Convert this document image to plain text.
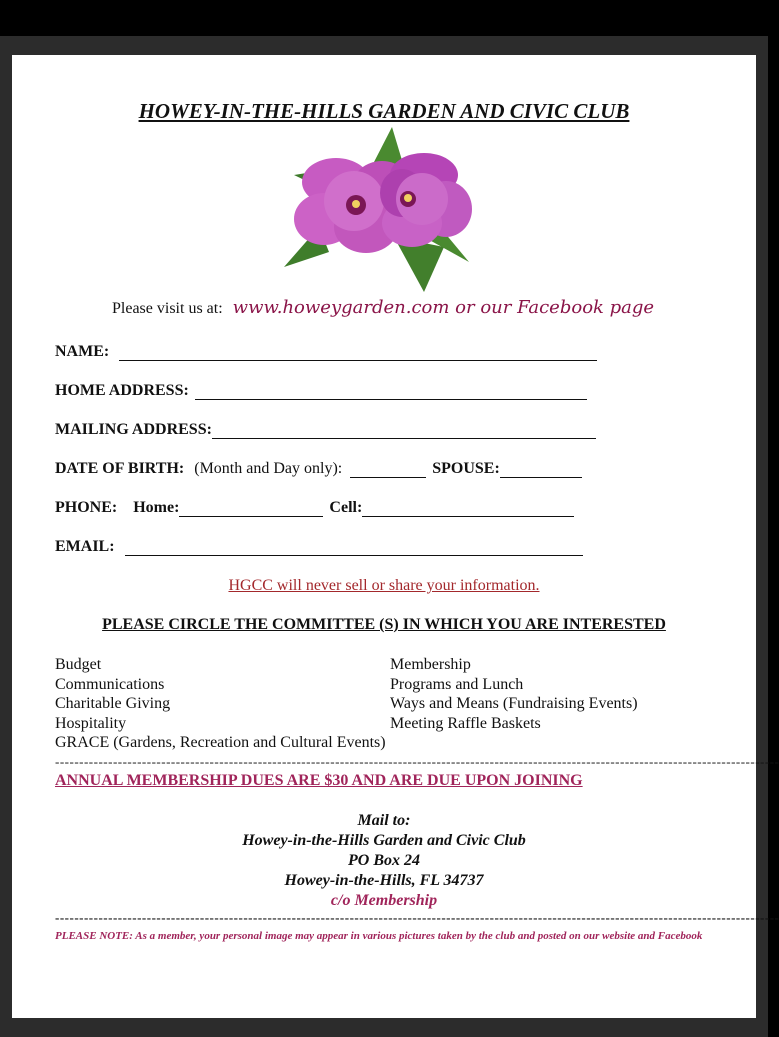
HOWEY-IN-THE-HILLS GARDEN AND CIVIC CLUB
Please visit us at: www.howeygarden.com or our Facebook page
NAME:
HOME ADDRESS:
MAILING ADDRESS:
DATE OF BIRTH: (Month and Day only):	SPOUSE:
PHONE: Home:	Cell:
EMAIL:
HGCC will never sell or share your information.
PLEASE CIRCLE THE COMMITTEE (S) IN WHICH YOU ARE INTERESTED
Budget
Communications
Charitable Giving
Hospitality
GRACE (Gardens, Recreation and Cultural Events)
Membership
Programs and Lunch
Ways and Means (Fundraising Events)
Meeting Raffle Baskets
------------------------------------------------------------------------------------------------------------------------------------------------------
ANNUAL MEMBERSHIP DUES ARE $30 AND ARE DUE UPON JOINING
Mail to:
Howey-in-the-Hills Garden and Civic Club
PO Box 24
Howey-in-the-Hills, FL 34737
c/o Membership
------------------------------------------------------------------------------------------------------------------------------------------------------
PLEASE NOTE: As a member, your personal image may appear in various pictures taken by the club and posted on our website and Facebook
